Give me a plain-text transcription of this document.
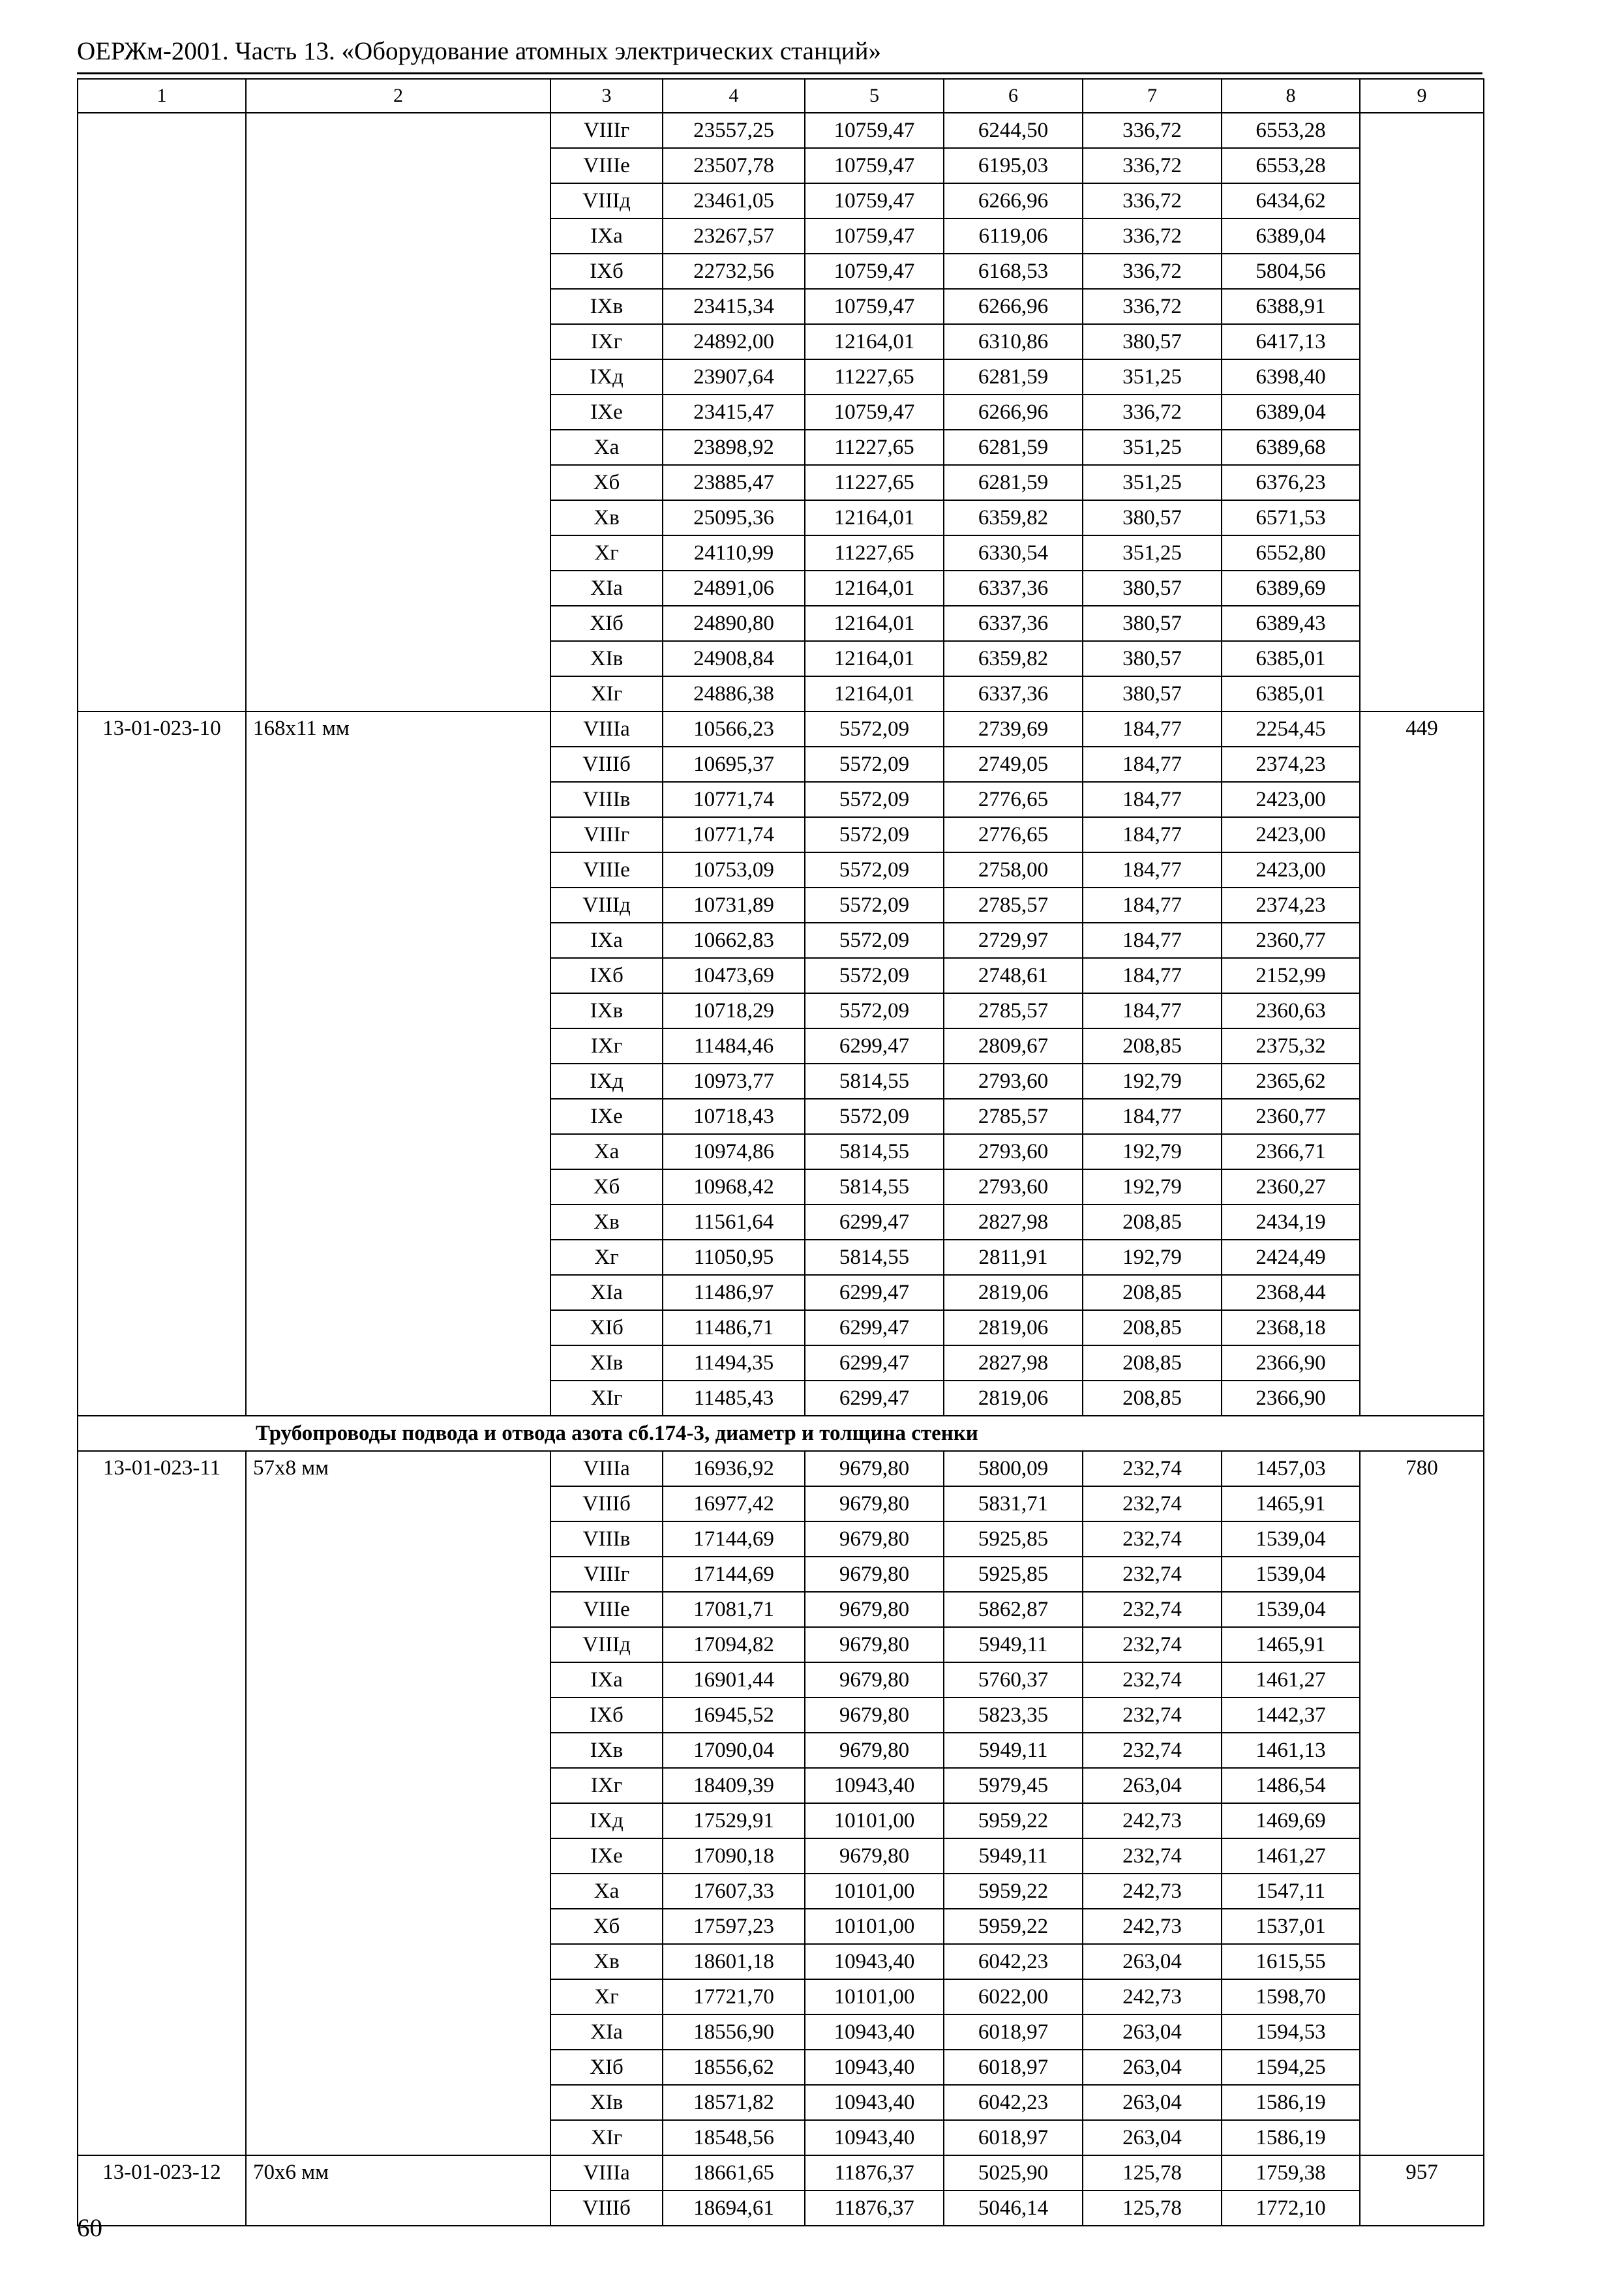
ОЕРЖм-2001. Часть 13. «Оборудование атомных электрических станций»
1	2	3	4	5	6	7	8	9
		VIIIг	23557,25	10759,47	6244,50	336,72	6553,28	
		VIIIе	23507,78	10759,47	6195,03	336,72	6553,28	
		VIIIд	23461,05	10759,47	6266,96	336,72	6434,62	
		IXа	23267,57	10759,47	6119,06	336,72	6389,04	
		IXб	22732,56	10759,47	6168,53	336,72	5804,56	
		IXв	23415,34	10759,47	6266,96	336,72	6388,91	
		IXг	24892,00	12164,01	6310,86	380,57	6417,13	
		IXд	23907,64	11227,65	6281,59	351,25	6398,40	
		IXе	23415,47	10759,47	6266,96	336,72	6389,04	
		Xа	23898,92	11227,65	6281,59	351,25	6389,68	
		Xб	23885,47	11227,65	6281,59	351,25	6376,23	
		Xв	25095,36	12164,01	6359,82	380,57	6571,53	
		Xг	24110,99	11227,65	6330,54	351,25	6552,80	
		XIа	24891,06	12164,01	6337,36	380,57	6389,69	
		XIб	24890,80	12164,01	6337,36	380,57	6389,43	
		XIв	24908,84	12164,01	6359,82	380,57	6385,01	
		XIг	24886,38	12164,01	6337,36	380,57	6385,01	
13-01-023-10	168х11 мм	VIIIа	10566,23	5572,09	2739,69	184,77	2254,45	449
		VIIIб	10695,37	5572,09	2749,05	184,77	2374,23	
		VIIIв	10771,74	5572,09	2776,65	184,77	2423,00	
		VIIIг	10771,74	5572,09	2776,65	184,77	2423,00	
		VIIIе	10753,09	5572,09	2758,00	184,77	2423,00	
		VIIIд	10731,89	5572,09	2785,57	184,77	2374,23	
		IXа	10662,83	5572,09	2729,97	184,77	2360,77	
		IXб	10473,69	5572,09	2748,61	184,77	2152,99	
		IXв	10718,29	5572,09	2785,57	184,77	2360,63	
		IXг	11484,46	6299,47	2809,67	208,85	2375,32	
		IXд	10973,77	5814,55	2793,60	192,79	2365,62	
		IXе	10718,43	5572,09	2785,57	184,77	2360,77	
		Xа	10974,86	5814,55	2793,60	192,79	2366,71	
		Xб	10968,42	5814,55	2793,60	192,79	2360,27	
		Xв	11561,64	6299,47	2827,98	208,85	2434,19	
		Xг	11050,95	5814,55	2811,91	192,79	2424,49	
		XIа	11486,97	6299,47	2819,06	208,85	2368,44	
		XIб	11486,71	6299,47	2819,06	208,85	2368,18	
		XIв	11494,35	6299,47	2827,98	208,85	2366,90	
		XIг	11485,43	6299,47	2819,06	208,85	2366,90	
Трубопроводы подвода и отвода азота сб.174-3, диаметр и толщина стенки								
13-01-023-11	57х8 мм	VIIIа	16936,92	9679,80	5800,09	232,74	1457,03	780
		VIIIб	16977,42	9679,80	5831,71	232,74	1465,91	
		VIIIв	17144,69	9679,80	5925,85	232,74	1539,04	
		VIIIг	17144,69	9679,80	5925,85	232,74	1539,04	
		VIIIе	17081,71	9679,80	5862,87	232,74	1539,04	
		VIIIд	17094,82	9679,80	5949,11	232,74	1465,91	
		IXа	16901,44	9679,80	5760,37	232,74	1461,27	
		IXб	16945,52	9679,80	5823,35	232,74	1442,37	
		IXв	17090,04	9679,80	5949,11	232,74	1461,13	
		IXг	18409,39	10943,40	5979,45	263,04	1486,54	
		IXд	17529,91	10101,00	5959,22	242,73	1469,69	
		IXе	17090,18	9679,80	5949,11	232,74	1461,27	
		Xа	17607,33	10101,00	5959,22	242,73	1547,11	
		Xб	17597,23	10101,00	5959,22	242,73	1537,01	
		Xв	18601,18	10943,40	6042,23	263,04	1615,55	
		Xг	17721,70	10101,00	6022,00	242,73	1598,70	
		XIа	18556,90	10943,40	6018,97	263,04	1594,53	
		XIб	18556,62	10943,40	6018,97	263,04	1594,25	
		XIв	18571,82	10943,40	6042,23	263,04	1586,19	
		XIг	18548,56	10943,40	6018,97	263,04	1586,19	
13-01-023-12	70х6 мм	VIIIа	18661,65	11876,37	5025,90	125,78	1759,38	957
		VIIIб	18694,61	11876,37	5046,14	125,78	1772,10	
60
